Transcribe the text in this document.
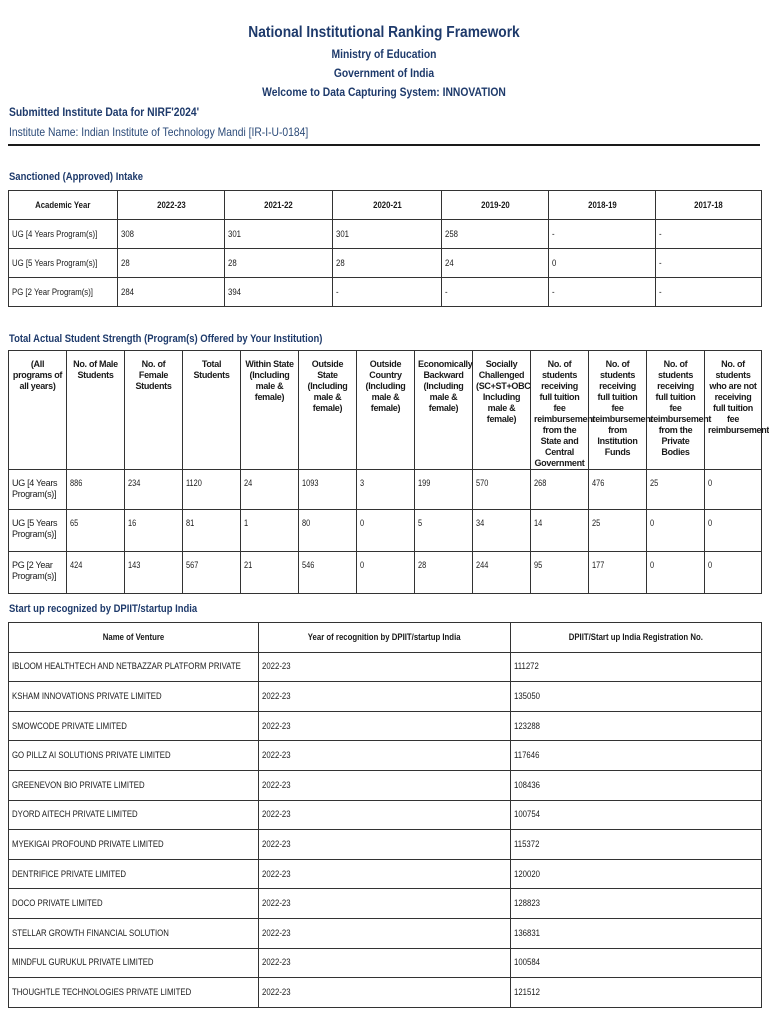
National Institutional Ranking Framework
Ministry of Education
Government of India
Welcome to Data Capturing System: INNOVATION
Submitted Institute Data for NIRF'2024'
Institute Name: Indian Institute of Technology Mandi [IR-I-U-0184]
Sanctioned (Approved) Intake
Academic Year	2022-23	2021-22	2020-21	2019-20	2018-19	2017-18
UG [4 Years Program(s)]	308	301	301	258	-	-
UG [5 Years Program(s)]	28	28	28	24	0	-
PG [2 Year Program(s)]	284	394	-	-	-	-
Total Actual Student Strength (Program(s) Offered by Your Institution)
(All programs of all years)	No. of Male Students	No. of Female Students	Total Students	Within State (Including male & female)	Outside State (Including male & female)	Outside Country (Including male & female)	Economically Backward (Including male & female)	Socially Challenged (SC+ST+OBC Including male & female)	No. of students receiving full tuition fee reimbursement from the State and Central Government	No. of students receiving full tuition fee reimbursement from Institution Funds	No. of students receiving full tuition fee reimbursement from the Private Bodies	No. of students who are not receiving full tuition fee reimbursement

UG [4 Years Program(s)]	886	234	1120	24	1093	3	199	570	268	476	25	0

UG [5 Years Program(s)]	65	16	81	1	80	0	5	34	14	25	0	0

PG [2 Year Program(s)]	424	143	567	21	546	0	28	244	95	177	0	0
Start up recognized by DPIIT/startup India
Name of Venture	Year of recognition by DPIIT/startup India	DPIIT/Start up India Registration No.
IBLOOM HEALTHTECH AND NETBAZZAR PLATFORM PRIVATE	2022-23	111272
KSHAM INNOVATIONS PRIVATE LIMITED	2022-23	135050
SMOWCODE PRIVATE LIMITED	2022-23	123288
GO PILLZ AI SOLUTIONS PRIVATE LIMITED	2022-23	117646
GREENEVON BIO PRIVATE LIMITED	2022-23	108436
DYORD AITECH PRIVATE LIMITED	2022-23	100754
MYEKIGAI PROFOUND PRIVATE LIMITED	2022-23	115372
DENTRIFICE PRIVATE LIMITED	2022-23	120020
DOCO PRIVATE LIMITED	2022-23	128823
STELLAR GROWTH FINANCIAL SOLUTION	2022-23	136831
MINDFUL GURUKUL PRIVATE LIMITED	2022-23	100584
THOUGHTLE TECHNOLOGIES PRIVATE LIMITED	2022-23	121512
